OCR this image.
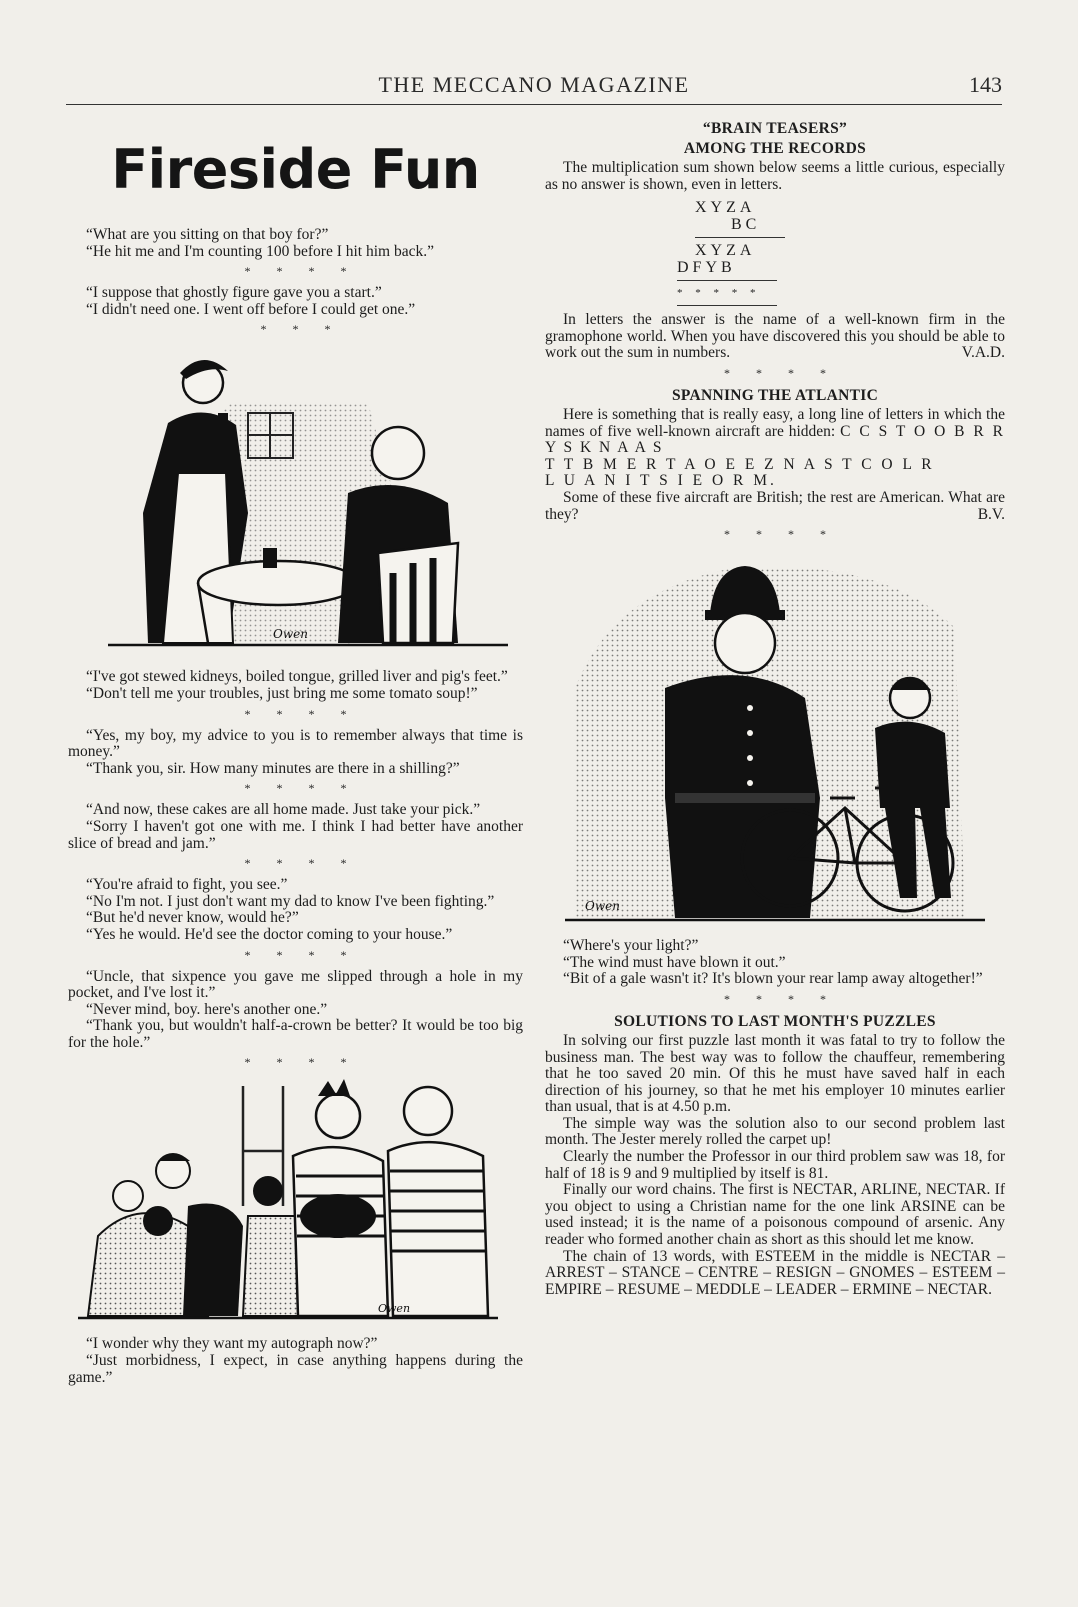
THE MECCANO MAGAZINE	143
Fireside Fun

“What are you sitting on that boy for?”

“He hit me and I'm counting 100 before I hit him back.”

****

“I suppose that ghostly figure gave you a start.”

“I didn't need one. I went off before I could get one.”

***
Owen

“I've got stewed kidneys, boiled tongue, grilled liver and pig's feet.”

“Don't tell me your troubles, just bring me some tomato soup!”

****

“Yes, my boy, my advice to you is to remember always that time is money.”

“Thank you, sir. How many minutes are there in a shilling?”

****

“And now, these cakes are all home made. Just take your pick.”

“Sorry I haven't got one with me. I think I had better have another slice of bread and jam.”

****

“You're afraid to fight, you see.”

“No I'm not. I just don't want my dad to know I've been fighting.”

“But he'd never know, would he?”

“Yes he would. He'd see the doctor coming to your house.”

****

“Uncle, that sixpence you gave me slipped through a hole in my pocket, and I've lost it.”

“Never mind, boy. here's another one.”

“Thank you, but wouldn't half-a-crown be better? It would be too big for the hole.”

****
Owen

“I wonder why they want my autograph now?”

“Just morbidness, I expect, in case anything happens during the game.”

“BRAIN TEASERS”
AMONG THE RECORDS

The multiplication sum shown below seems a little curious, especially as no answer is shown, even in letters.

XYZA
BC
XYZA
DFYB
* * * * *

In letters the answer is the name of a well-known firm in the gramophone world. When you have discovered this you should be able to work out the sum in numbers.	V.A.D.

****
SPANNING THE ATLANTIC

Here is something that is really easy, a long line of letters in which the names of five well-known aircraft are hidden: C C S T O O B R R Y S K N A A S

T T B M E R T A O E E Z N A S T C O L R

L U A N I T S I E O R M.

Some of these five aircraft are British; the rest are American. What are they?	B.V.

****
Owen

“Where's your light?”

“The wind must have blown it out.”

“Bit of a gale wasn't it? It's blown your rear lamp away altogether!”

****
SOLUTIONS TO LAST MONTH'S PUZZLES

In solving our first puzzle last month it was fatal to try to follow the business man. The best way was to follow the chauffeur, remembering that he too saved 20 min. Of this he must have saved half in each direction of his journey, so that he met his employer 10 minutes earlier than usual, that is at 4.50 p.m.

The simple way was the solution also to our second problem last month. The Jester merely rolled the carpet up!

Clearly the number the Professor in our third problem saw was 18, for half of 18 is 9 and 9 multiplied by itself is 81.

Finally our word chains. The first is NECTAR, ARLINE, NECTAR. If you object to using a Christian name for the one link ARSINE can be used instead; it is the name of a poisonous compound of arsenic. Any reader who formed another chain as short as this should let me know.

The chain of 13 words, with ESTEEM in the middle is NECTAR – ARREST – STANCE – CENTRE – RESIGN – GNOMES – ESTEEM – EMPIRE – RESUME – MEDDLE – LEADER – ERMINE – NECTAR.
